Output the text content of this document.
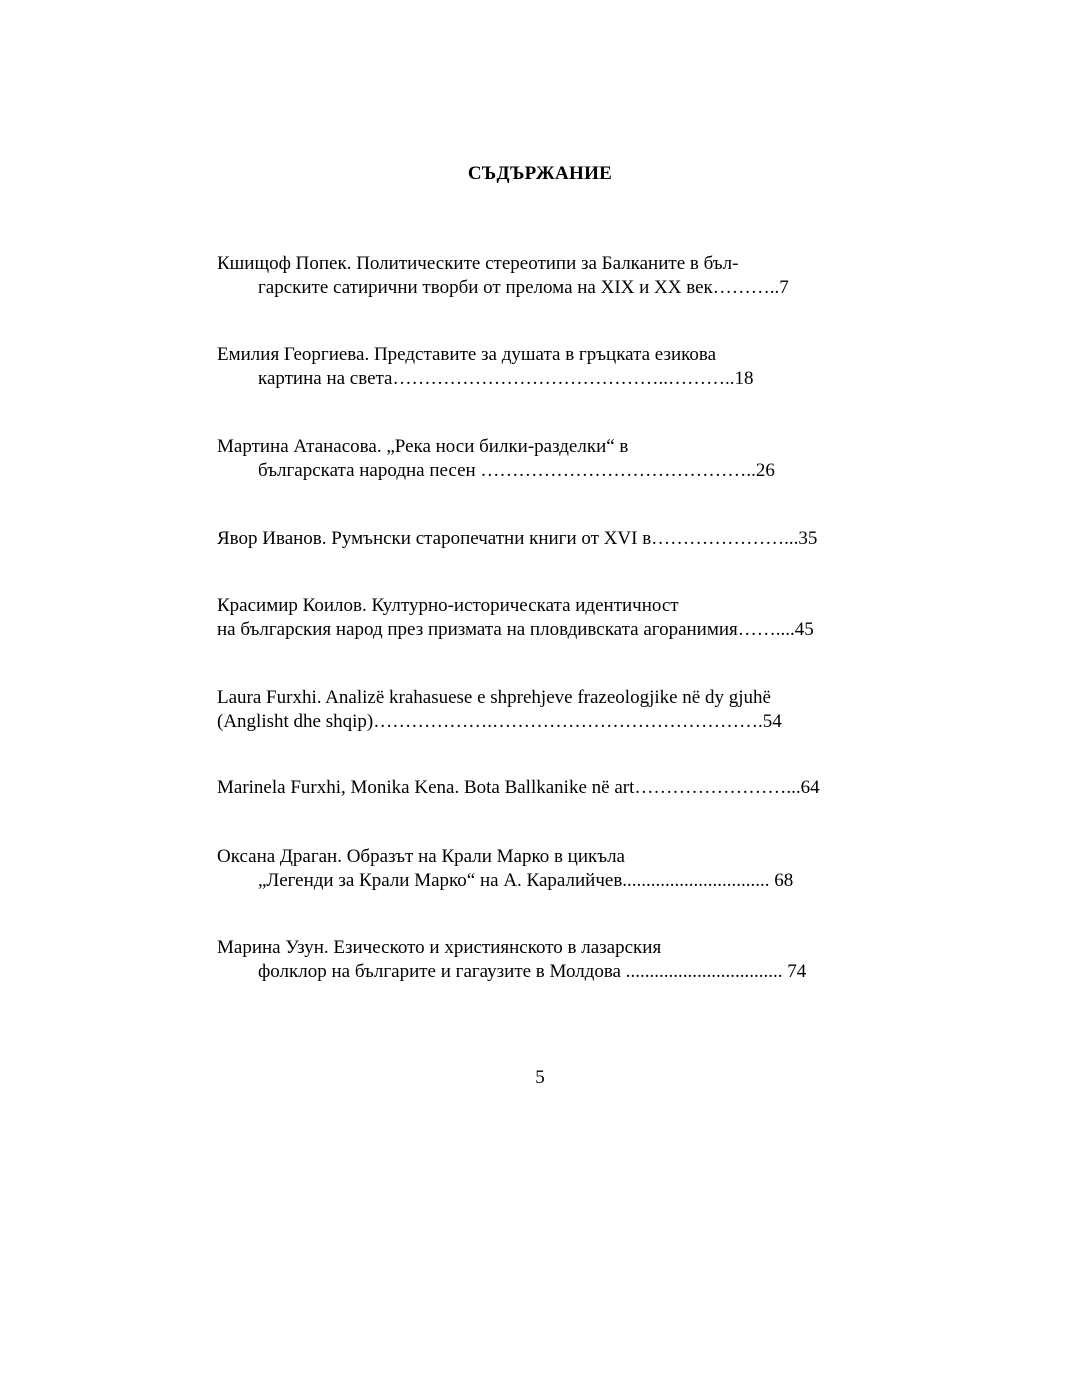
СЪДЪРЖАНИЕ
Кшищоф Попек. Политическите стереотипи за Балканите в бъл-
гарските сатирични творби от прелома на XIX и XX век………..7
Емилия Георгиева. Представите за душата в гръцката езикова
картина на света……………………………………..………..18
Мартина Атанасова. „Река носи билки-разделки“ в
българската народна песен ……………………………………..26
Явор Иванов. Румънски старопечатни книги от XVI в…………………...35
Красимир Коилов. Културно-историческата идентичност
на българския народ през призмата на пловдивската агоранимия……....45
Laura Furxhi. Analizë krahasuese e shprehjeve frazeologjike në dy gjuhë
(Anglisht dhe shqip)……………….…………………………………….54
Marinela Furxhi, Monika Kena. Bota Ballkanike në art……………………...64
Оксана Драган. Образът на Крали Марко в цикъла
„Легенди за Крали Марко“ на А. Каралийчев............................... 68
Марина Узун. Езическото и християнското в лазарския
фолклор на българите и гагаузите в Молдова ................................. 74
5
